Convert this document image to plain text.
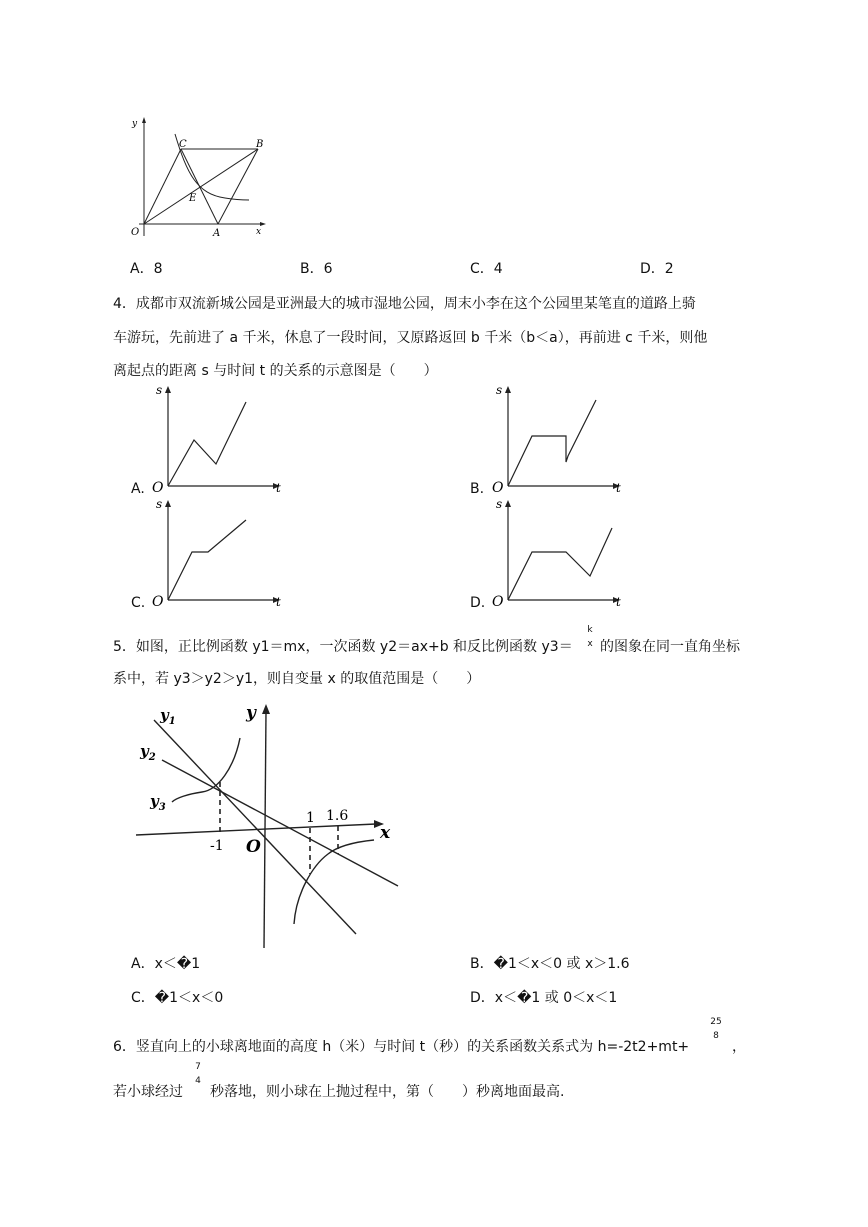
y
x
C	B
E
O	A
A．8	B．6	C．4	D．2
4．成都市双流新城公园是亚洲最大的城市湿地公园，周末小李在这个公园里某笔直的道路上骑
车游玩，先前进了 a 千米，休息了一段时间，又原路返回 b 千米（b＜a），再前进 c 千米，则他
离起点的距离 s 与时间 t 的关系的示意图是（　　）
A.	B.
C.	D.
s
t
O
s
t
O
s
t
O
s
t
O
5．如图，正比例函数 y1＝mx，一次函数 y2＝ax+b 和反比例函数 y3＝
k
x 的图象在同一直角坐标
系中，若 y3＞y2＞y1，则自变量 x 的取值范围是（　　）
$y_1$
$y_2$
$y_3$
y
x
O
-1
1 1.6
A．x＜�1	B．�1＜x＜0 或 x＞1.6
C．�1＜x＜0	D．x＜�1 或 0＜x＜1
6．竖直向上的小球离地面的高度 h（米）与时间 t（秒）的关系函数关系式为 h=-2t2+mt+
25
8
，
若小球经过
7
4
秒落地，则小球在上抛过程中，第（　　）秒离地面最高.
